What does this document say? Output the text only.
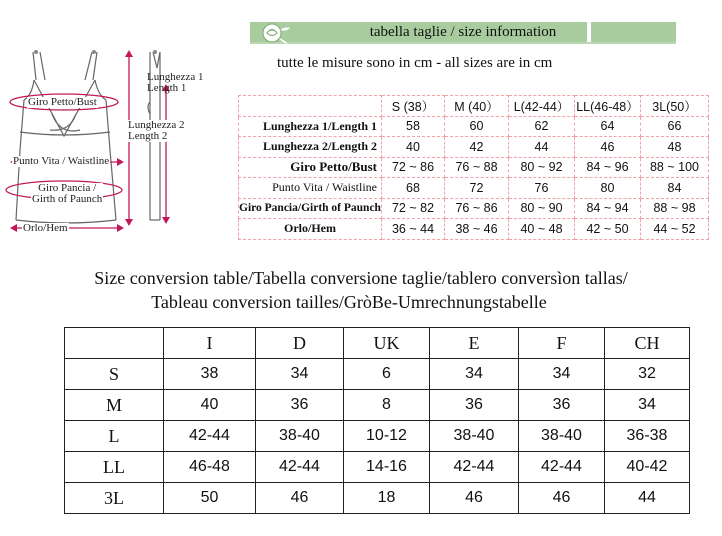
Lunghezza 1
Length 1
Giro Petto/Bust
Lunghezza 2
Length 2
Punto Vita / Waistline
Giro Pancia /
Girth of Paunch
Orlo/Hem
tabella taglie / size information
tutte le misure sono in cm - all sizes are in cm
	S (38）	M (40）	L(42-44）	LL(46-48）	3L(50）
Lunghezza 1/Length 1	58	60	62	64	66
Lunghezza 2/Length 2	40	42	44	46	48
Giro Petto/Bust	72 ~ 86	76 ~ 88	80 ~ 92	84 ~ 96	88 ~ 100
Punto Vita / Waistline	68	72	76	80	84
Giro Pancia/Girth of Paunch	72 ~ 82	76 ~ 86	80 ~ 90	84 ~ 94	88 ~ 98
Orlo/Hem	36 ~ 44	38 ~ 46	40 ~ 48	42 ~ 50	44 ~ 52
Size conversion table/Tabella conversione taglie/tablero conversìon tallas/
Tableau conversion tailles/GròBe-Umrechnungstabelle
	I	D	UK	E	F	CH
S	38	34	6	34	34	32
M	40	36	8	36	36	34
L	42-44	38-40	10-12	38-40	38-40	36-38
LL	46-48	42-44	14-16	42-44	42-44	40-42
3L	50	46	18	46	46	44
